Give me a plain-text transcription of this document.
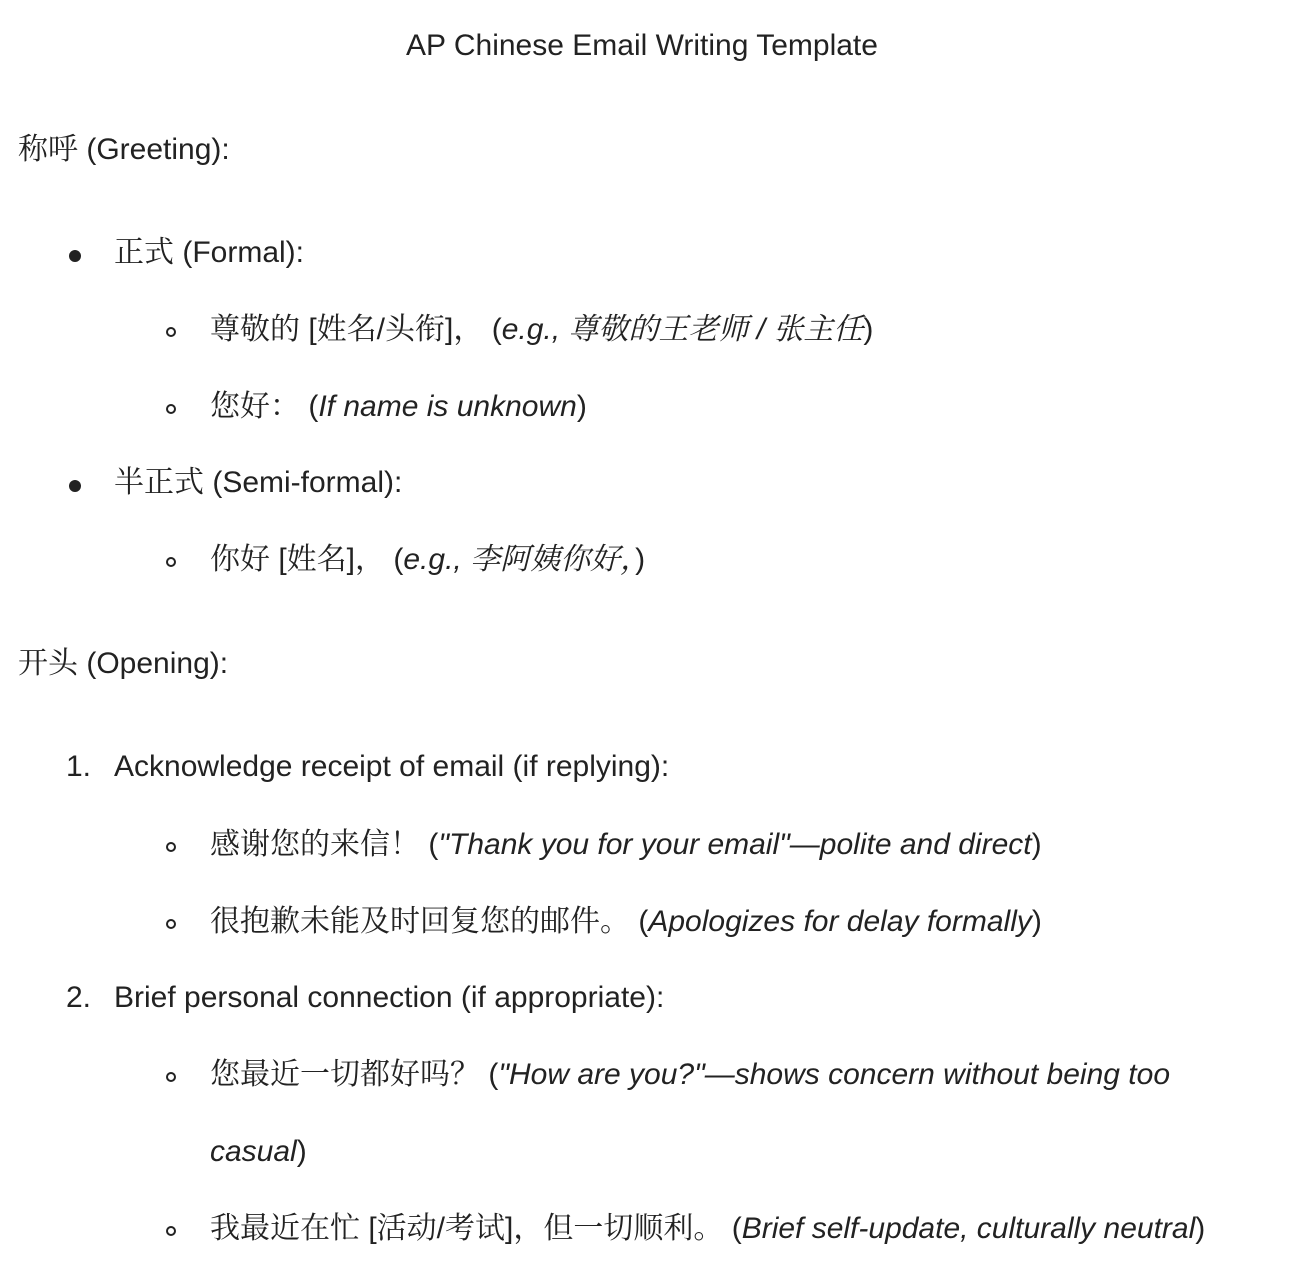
AP Chinese Email Writing Template
称呼 (Greeting):
正式 (Formal):
尊敬的 [姓名/头衔]， (e.g., 尊敬的王老师 / 张主任)
您好： (If name is unknown)
半正式 (Semi-formal):
你好 [姓名]， (e.g., 李阿姨你好，)
开头 (Opening):
1. Acknowledge receipt of email (if replying):
感谢您的来信！ ("Thank you for your email"—polite and direct)
很抱歉未能及时回复您的邮件。 (Apologizes for delay formally)
2. Brief personal connection (if appropriate):
您最近一切都好吗？ ("How are you?"—shows concern without being too
casual)
我最近在忙 [活动/考试]，但一切顺利。 (Brief self-update, culturally neutral)
